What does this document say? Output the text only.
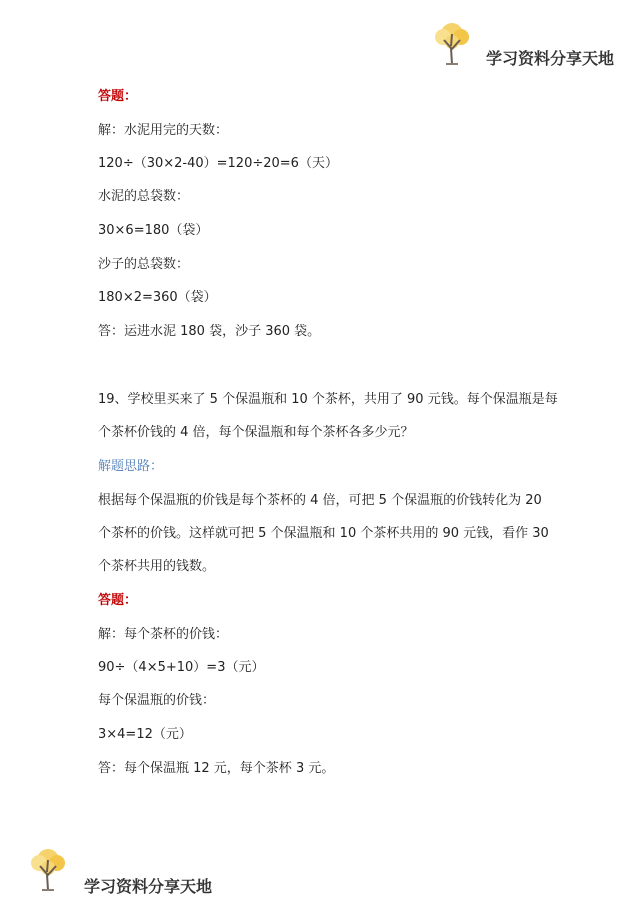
学习资料分享天地
答题：
解：水泥用完的天数：
120÷（30×2-40）=120÷20=6（天）
水泥的总袋数：
30×6=180（袋）
沙子的总袋数：
180×2=360（袋）
答：运进水泥 180 袋，沙子 360 袋。
19、学校里买来了 5 个保温瓶和 10 个茶杯，共用了 90 元钱。每个保温瓶是每
个茶杯价钱的 4 倍，每个保温瓶和每个茶杯各多少元？
解题思路：
根据每个保温瓶的价钱是每个茶杯的 4 倍，可把 5 个保温瓶的价钱转化为 20
个茶杯的价钱。这样就可把 5 个保温瓶和 10 个茶杯共用的 90 元钱，看作 30
个茶杯共用的钱数。
答题：
解：每个茶杯的价钱：
90÷（4×5+10）=3（元）
每个保温瓶的价钱：
3×4=12（元）
答：每个保温瓶 12 元，每个茶杯 3 元。
学习资料分享天地
